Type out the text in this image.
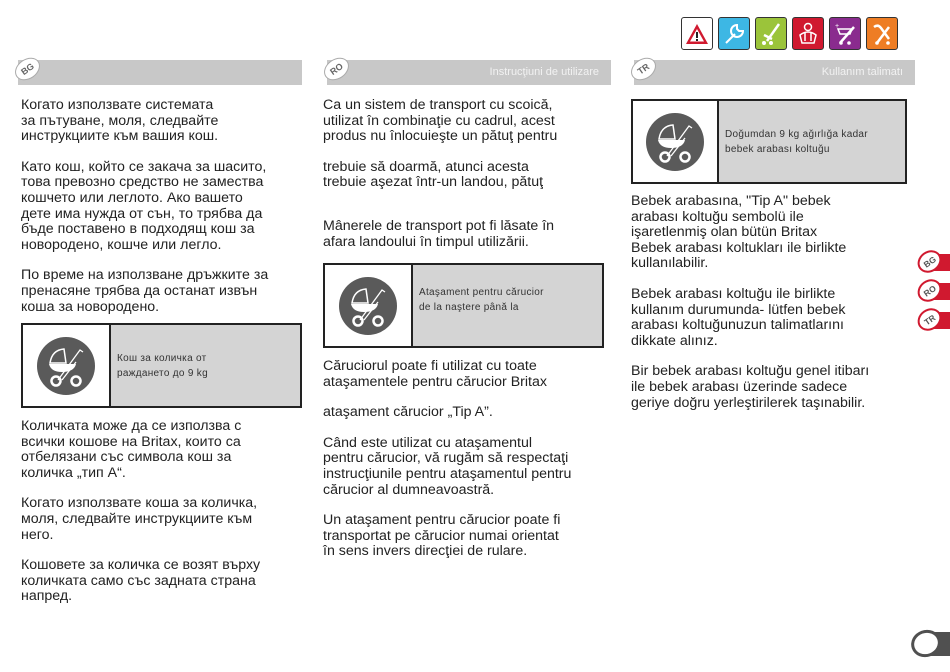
+
BG

Когато използвате системата
за пътуване, моля, следвайте
инструкциите към вашия кош.

Като кош, който се закача за шасито,
това превозно средство не замества
кошчето или леглото. Ако вашето
дете има нужда от сън, то трябва да
бъде поставено в подходящ кош за
новородено, кошче или легло.

По време на използване дръжките за
пренасяне трябва да останат извън
коша за новородено.

Кош за количка от
раждането до 9 kg

Количката може да се използва с
всички кошове на Britax, които са
отбелязани със символа кош за
количка „тип А“.

Когато използвате коша за количка,
моля, следвайте инструкциите към
него.

Кошовете за количка се возят върху
количката само със задната страна
напред.

RO	Instrucţiuni de utilizare

Ca un sistem de transport cu scoică,
utilizat în combinaţie cu cadrul, acest
produs nu înlocuieşte un pătuţ pentru

trebuie să doarmă, atunci acesta
trebuie aşezat într-un landou, pătuţ

Mânerele de transport pot fi lăsate în
afara landoului în timpul utilizării.

Ataşament pentru cărucior
de la naştere până la

Căruciorul poate fi utilizat cu toate
ataşamentele pentru cărucior Britax

ataşament cărucior „Tip A”.

Când este utilizat cu ataşamentul
pentru cărucior, vă rugăm să respectaţi
instrucţiunile pentru ataşamentul pentru
cărucior al dumneavoastră.

Un ataşament pentru cărucior poate fi
transportat pe cărucior numai orientat
în sens invers direcţiei de rulare.

TR	Kullanım talimatı
Doğumdan 9 kg ağırlığa kadar
bebek arabası koltuğu

Bebek arabasına, "Tip A" bebek
arabası koltuğu sembolü ile
işaretlenmiş olan bütün Britax
Bebek arabası koltukları ile birlikte
kullanılabilir.

Bebek arabası koltuğu ile birlikte
kullanım durumunda- lütfen bebek
arabası koltuğunuzun talimatlarını
dikkate alınız.

Bir bebek arabası koltuğu genel itibarı
ile bebek arabası üzerinde sadece
geriye doğru yerleştirilerek taşınabilir.

BG
RO
TR
